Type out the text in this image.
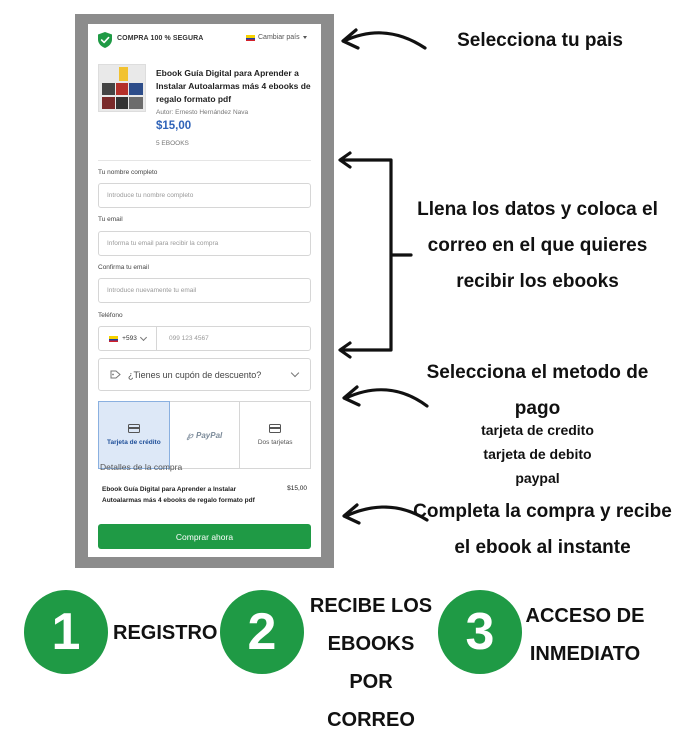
COMPRA 100 % SEGURA	Cambiar país
Ebook Guía Digital para Aprender a Instalar Autoalarmas más 4 ebooks de regalo formato pdf
Autor: Ernesto Hernández Nava
$15,00
5 EBOOKS
Tu nombre completo
Introduce tu nombre completo
Tu email
Informa tu email para recibir la compra
Confirma tu email
Introduce nuevamente tu email
Teléfono
+593
099 123 4567
¿Tienes un cupón de descuento?
Tarjeta de crédito
℘ PayPal
Dos tarjetas
Detalles de la compra
Ebook Guía Digital para Aprender a Instalar Autoalarmas más 4 ebooks de regalo formato pdf
$15,00
Comprar ahora
Selecciona tu pais
Llena los datos y coloca el correo en el que quieres recibir los ebooks
Selecciona el metodo de pago
tarjeta de credito
tarjeta de debito
paypal
Completa la compra y recibe el ebook al instante
1	REGISTRO 2	RECIBE LOS EBOOKS POR CORREO
3	ACCESO DE INMEDIATO
